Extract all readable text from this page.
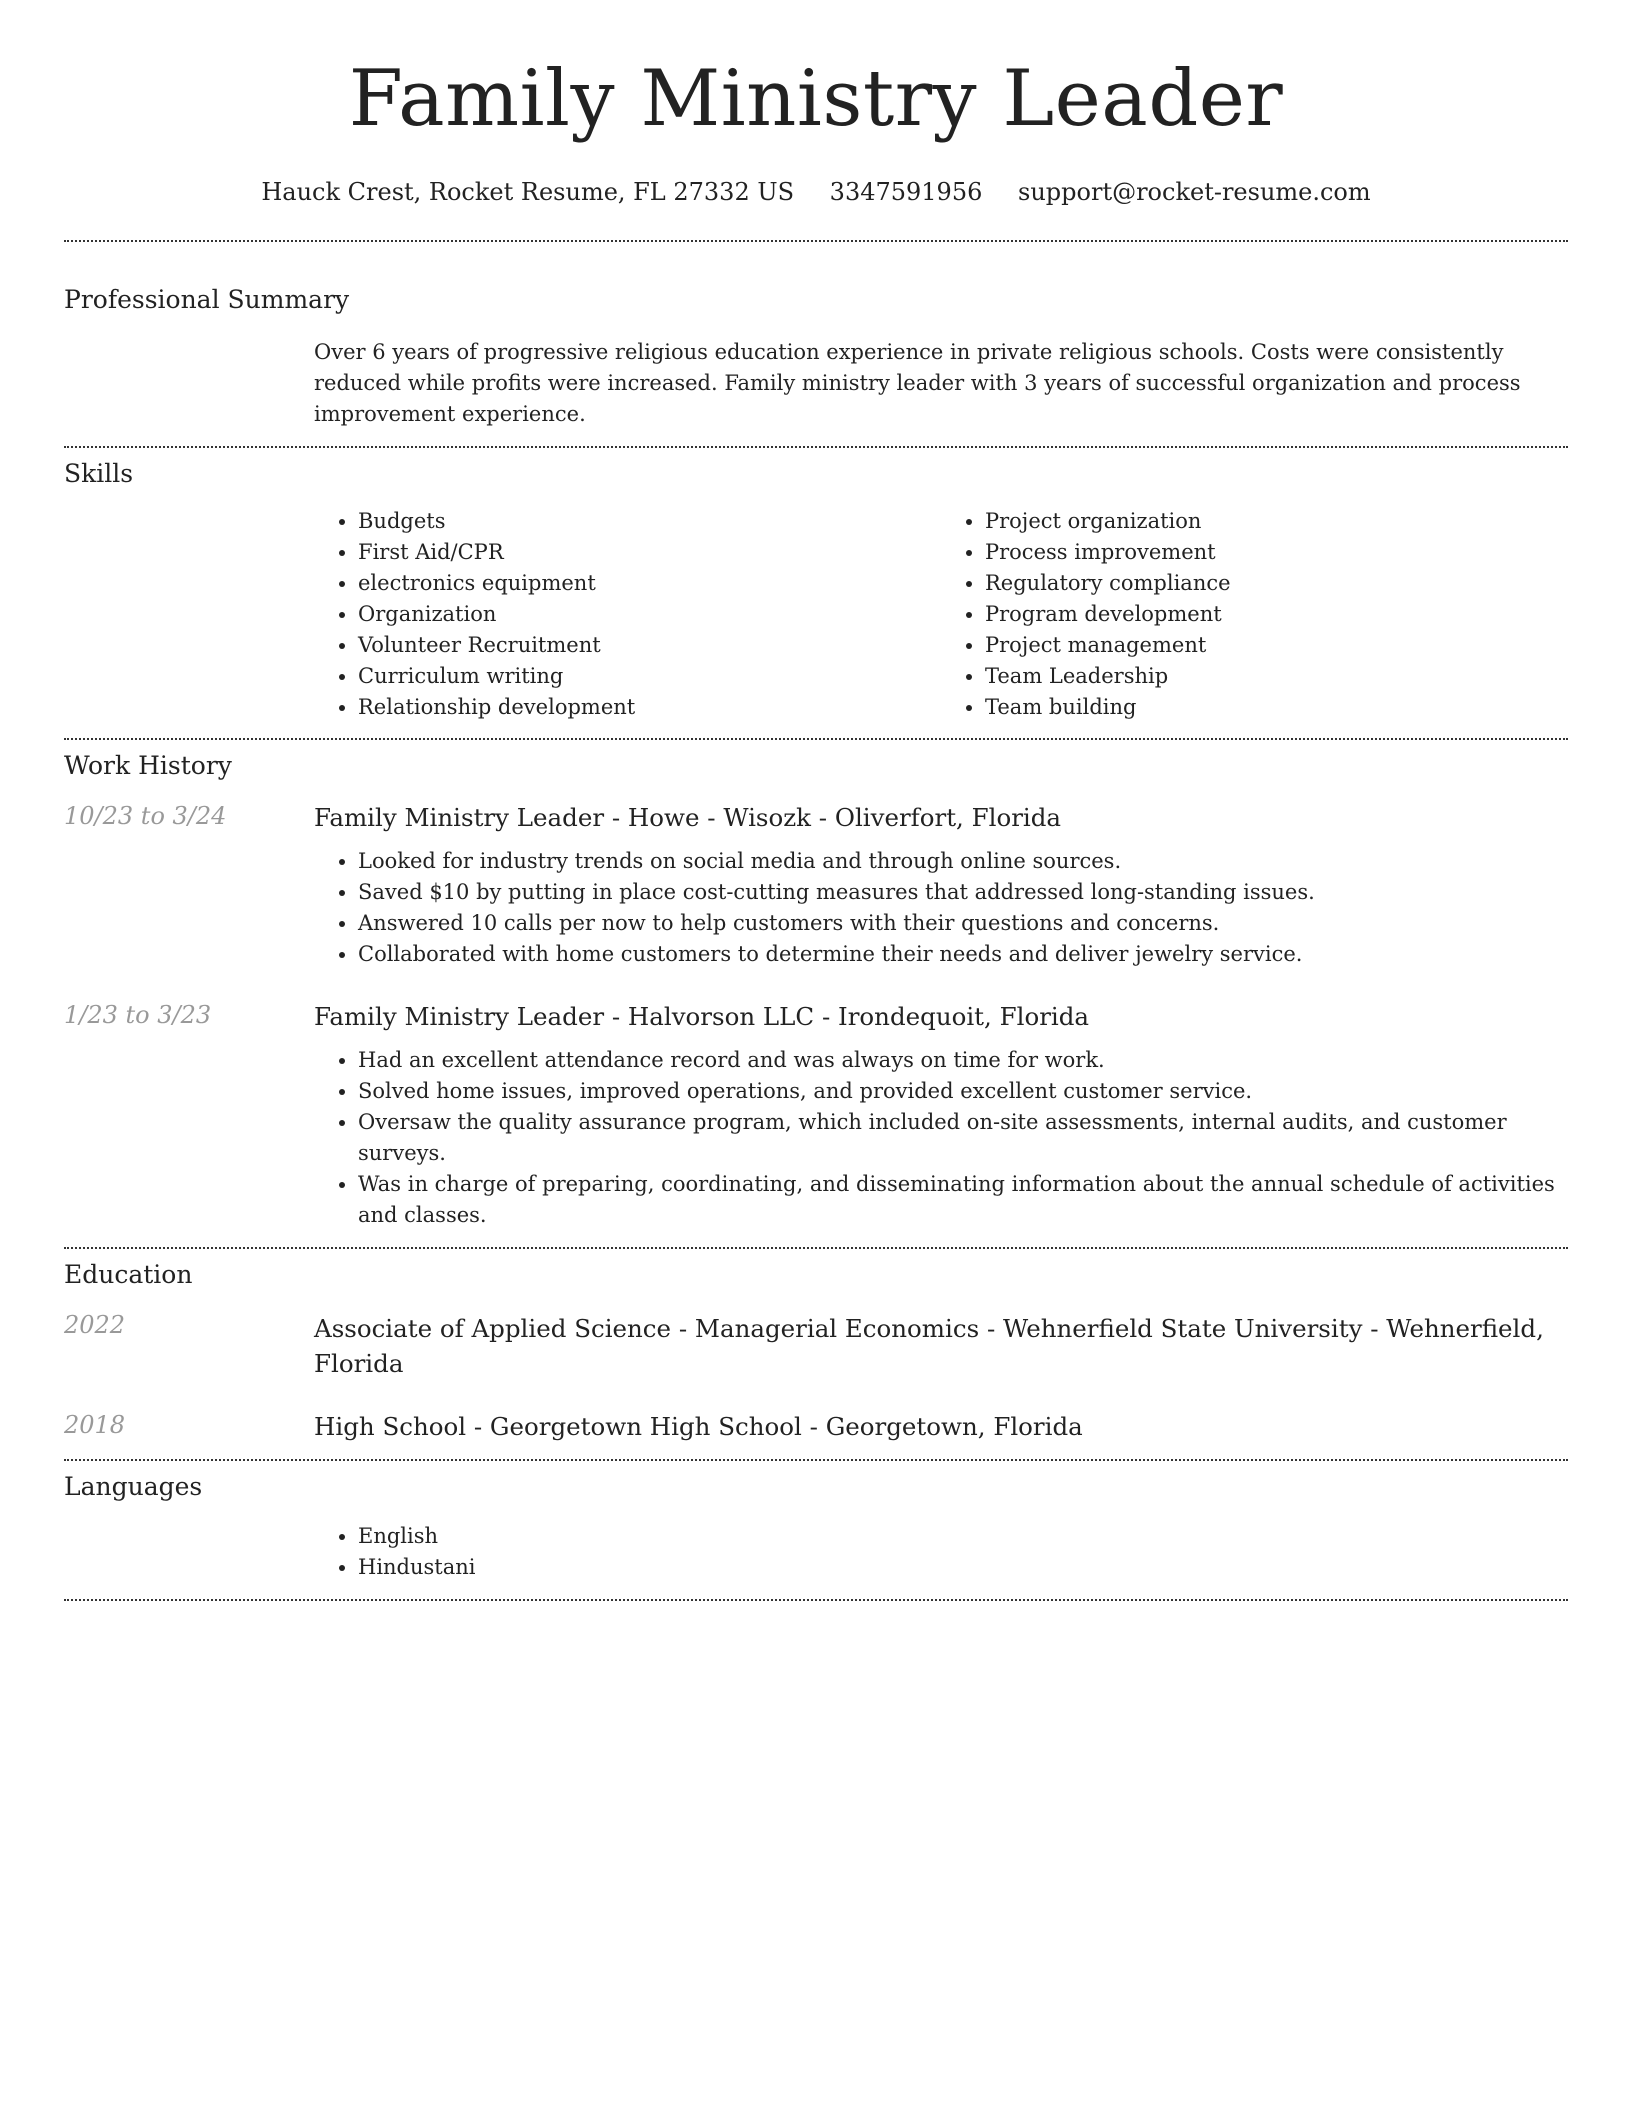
Family Ministry Leader
Hauck Crest, Rocket Resume, FL 27332 US 3347591956 support@rocket-resume.com
Professional Summary
Over 6 years of progressive religious education experience in private religious schools. Costs were consistently reduced while profits were increased. Family ministry leader with 3 years of successful organization and process improvement experience.
Skills
• Budgets
• First Aid/CPR
• electronics equipment
• Organization
• Volunteer Recruitment
• Curriculum writing
• Relationship development
• Project organization
• Process improvement
• Regulatory compliance
• Program development
• Project management
• Team Leadership
• Team building
Work History
10/23 to 3/24	Family Ministry Leader - Howe - Wisozk - Oliverfort, Florida
• Looked for industry trends on social media and through online sources.
• Saved $10 by putting in place cost-cutting measures that addressed long-standing issues.
• Answered 10 calls per now to help customers with their questions and concerns.
• Collaborated with home customers to determine their needs and deliver jewelry service.
1/23 to 3/23	Family Ministry Leader - Halvorson LLC - Irondequoit, Florida
• Had an excellent attendance record and was always on time for work.
• Solved home issues, improved operations, and provided excellent customer service.
• Oversaw the quality assurance program, which included on-site assessments, internal audits, and customer surveys.
• Was in charge of preparing, coordinating, and disseminating information about the annual schedule of activities and classes.
Education
2022	Associate of Applied Science - Managerial Economics - Wehnerfield State University - Wehnerfield, Florida
2018	High School - Georgetown High School - Georgetown, Florida
Languages
• English
• Hindustani
